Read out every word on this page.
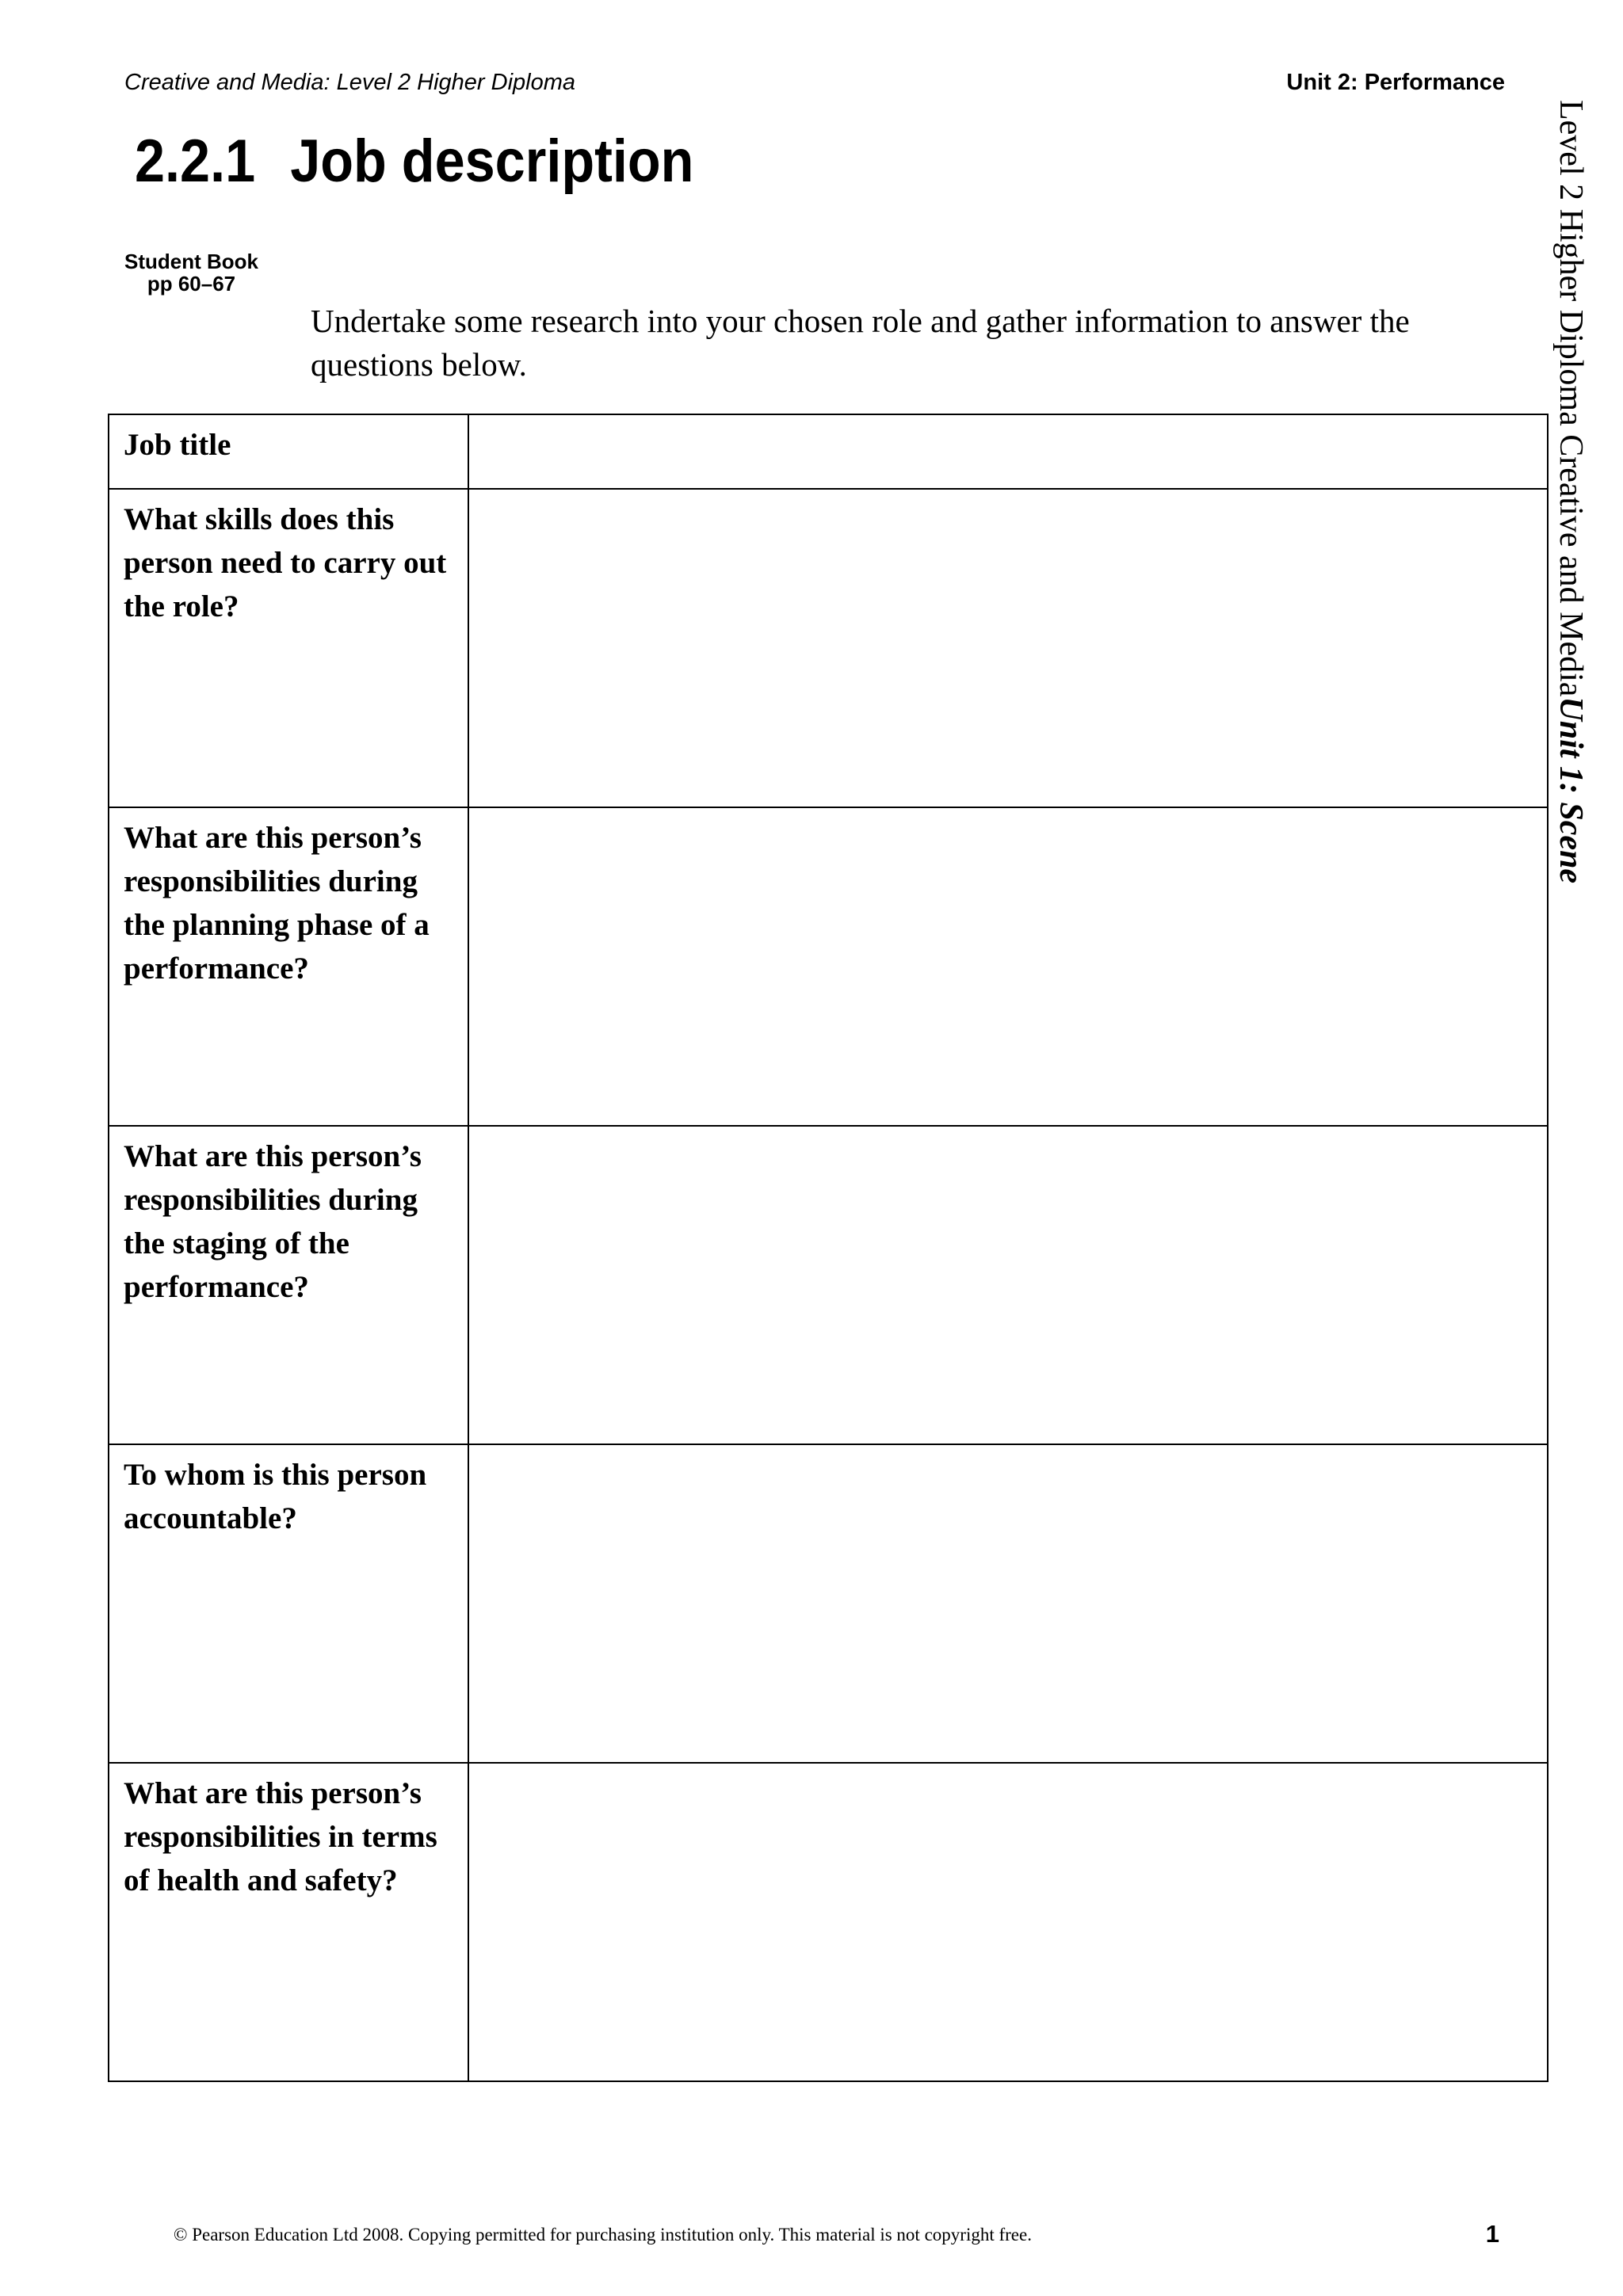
Creative and Media: Level 2 Higher Diploma	Unit 2: Performance
2.2.1 Job description
Student Book
pp 60–67
Undertake some research into your chosen role and gather information to answer the questions below.
Job title	
What skills does this person need to carry out the role?	
What are this person’s responsibilities during the planning phase of a performance?	
What are this person’s responsibilities during the staging of the performance?	
To whom is this person accountable?	
What are this person’s responsibilities in terms of health and safety?	
Level 2 Higher Diploma Creative and MediaUnit 1: Scene
© Pearson Education Ltd 2008. Copying permitted for purchasing institution only. This material is not copyright free.	1
